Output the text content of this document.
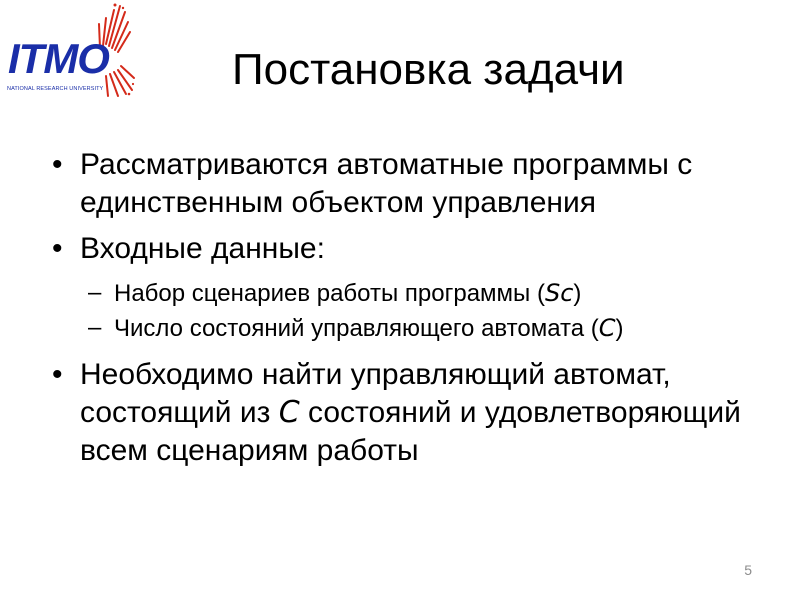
ITMO
NATIONAL RESEARCH UNIVERSITY	Постановка задачи
• Рассматриваются автоматные программы с единственным объектом управления
• Входные данные:
– Набор сценариев работы программы (Sc)
– Число состояний управляющего автомата (C)
• Необходимо найти управляющий автомат, состоящий из C состояний и удовлетворяющий всем сценариям работы
5
